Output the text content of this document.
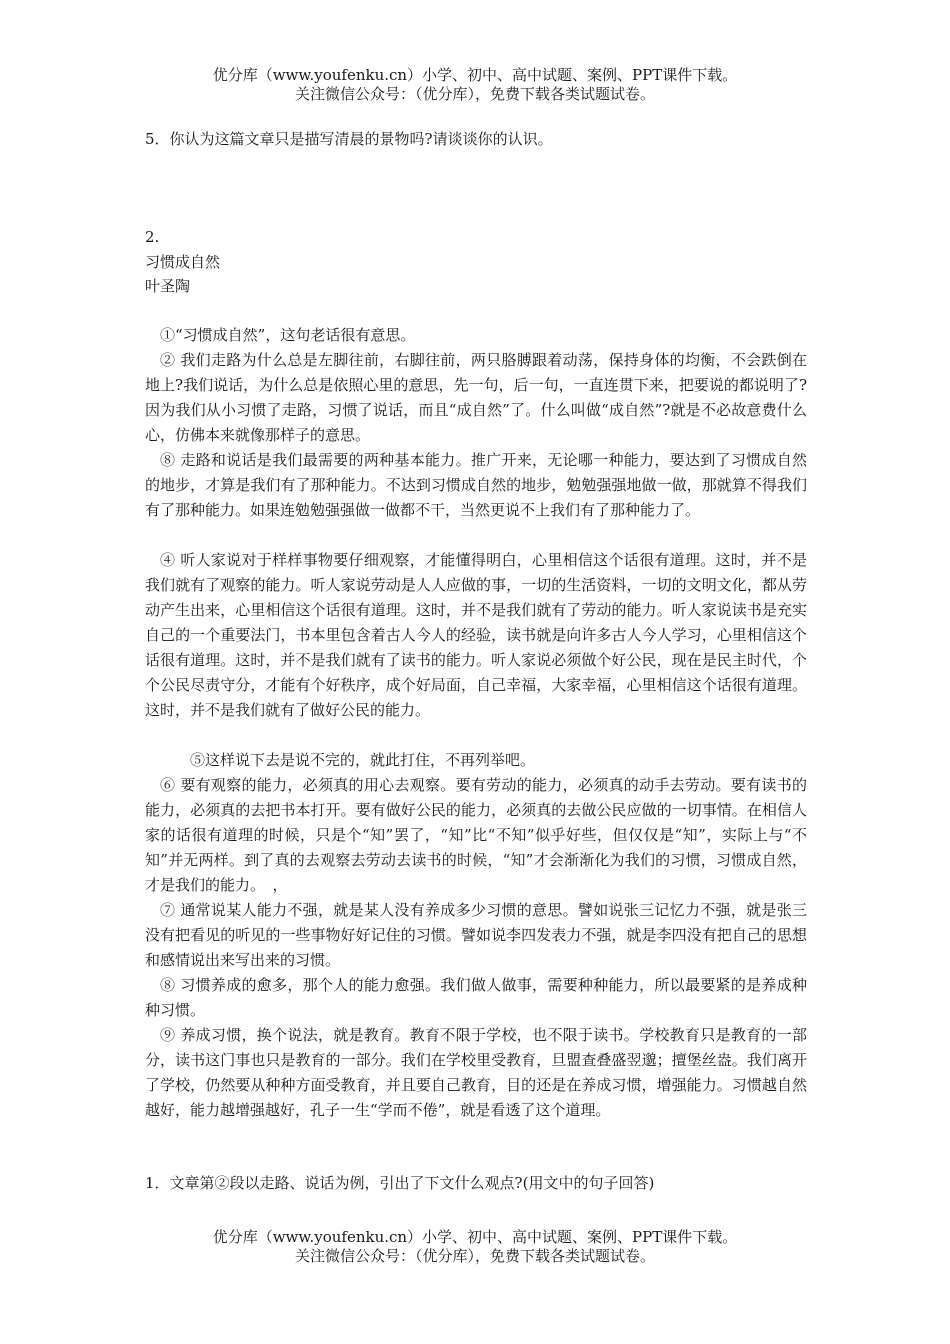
优分库（www.youfenku.cn）小学、初中、高中试题、案例、PPT课件下载。
关注微信公众号：（优分库），免费下载各类试题试卷。
5．你认为这篇文章只是描写清晨的景物吗?请谈谈你的认识。
2.
习惯成自然
叶圣陶
①“习惯成自然”，这句老话很有意思。
② 我们走路为什么总是左脚往前，右脚往前，两只胳膊跟着动荡，保持身体的均衡，不会跌倒在地上?我们说话，为什么总是依照心里的意思，先一句，后一句，一直连贯下来，把要说的都说明了?因为我们从小习惯了走路，习惯了说话，而且“成自然”了。什么叫做“成自然”?就是不必故意费什么心，仿佛本来就像那样子的意思。
⑧ 走路和说话是我们最需要的两种基本能力。推广开来，无论哪一种能力，要达到了习惯成自然的地步，才算是我们有了那种能力。不达到习惯成自然的地步，勉勉强强地做一做，那就算不得我们有了那种能力。如果连勉勉强强做一做都不干，当然更说不上我们有了那种能力了。
④ 听人家说对于样样事物要仔细观察，才能懂得明白，心里相信这个话很有道理。这时，并不是我们就有了观察的能力。听人家说劳动是人人应做的事，一切的生活资料，一切的文明文化，都从劳动产生出来，心里相信这个话很有道理。这时，并不是我们就有了劳动的能力。听人家说读书是充实自己的一个重要法门，书本里包含着古人今人的经验，读书就是向许多古人今人学习，心里相信这个话很有道理。这时，并不是我们就有了读书的能力。听人家说必须做个好公民，现在是民主时代，个个公民尽责守分，才能有个好秩序，成个好局面，自己幸福，大家幸福，心里相信这个话很有道理。这时，并不是我们就有了做好公民的能力。
⑤这样说下去是说不完的，就此打住，不再列举吧。
⑥ 要有观察的能力，必须真的用心去观察。要有劳动的能力，必须真的动手去劳动。要有读书的能力，必须真的去把书本打开。要有做好公民的能力，必须真的去做公民应做的一切事情。在相信人家的话很有道理的时候，只是个“知”罢了，“知”比“不知”似乎好些，但仅仅是“知”，实际上与“不知”并无两样。到了真的去观察去劳动去读书的时候，“知”才会渐渐化为我们的习惯，习惯成自然，才是我们的能力。　，
⑦ 通常说某人能力不强，就是某人没有养成多少习惯的意思。譬如说张三记忆力不强，就是张三没有把看见的听见的一些事物好好记住的习惯。譬如说李四发表力不强，就是李四没有把自己的思想和感情说出来写出来的习惯。
⑧ 习惯养成的愈多，那个人的能力愈强。我们做人做事，需要种种能力，所以最要紧的是养成种种习惯。
⑨ 养成习惯，换个说法，就是教育。教育不限于学校，也不限于读书。学校教育只是教育的一部分，读书这门事也只是教育的一部分。我们在学校里受教育，旦盟查叠盛翌邈；擅堡丝盎。我们离开了学校，仍然要从种种方面受教育，并且要自己教育，目的还是在养成习惯，增强能力。习惯越自然越好，能力越增强越好，孔子一生“学而不倦”，就是看透了这个道理。
1．文章第②段以走路、说话为例，引出了下文什么观点?(用文中的句子回答)
优分库（www.youfenku.cn）小学、初中、高中试题、案例、PPT课件下载。
关注微信公众号：（优分库），免费下载各类试题试卷。
